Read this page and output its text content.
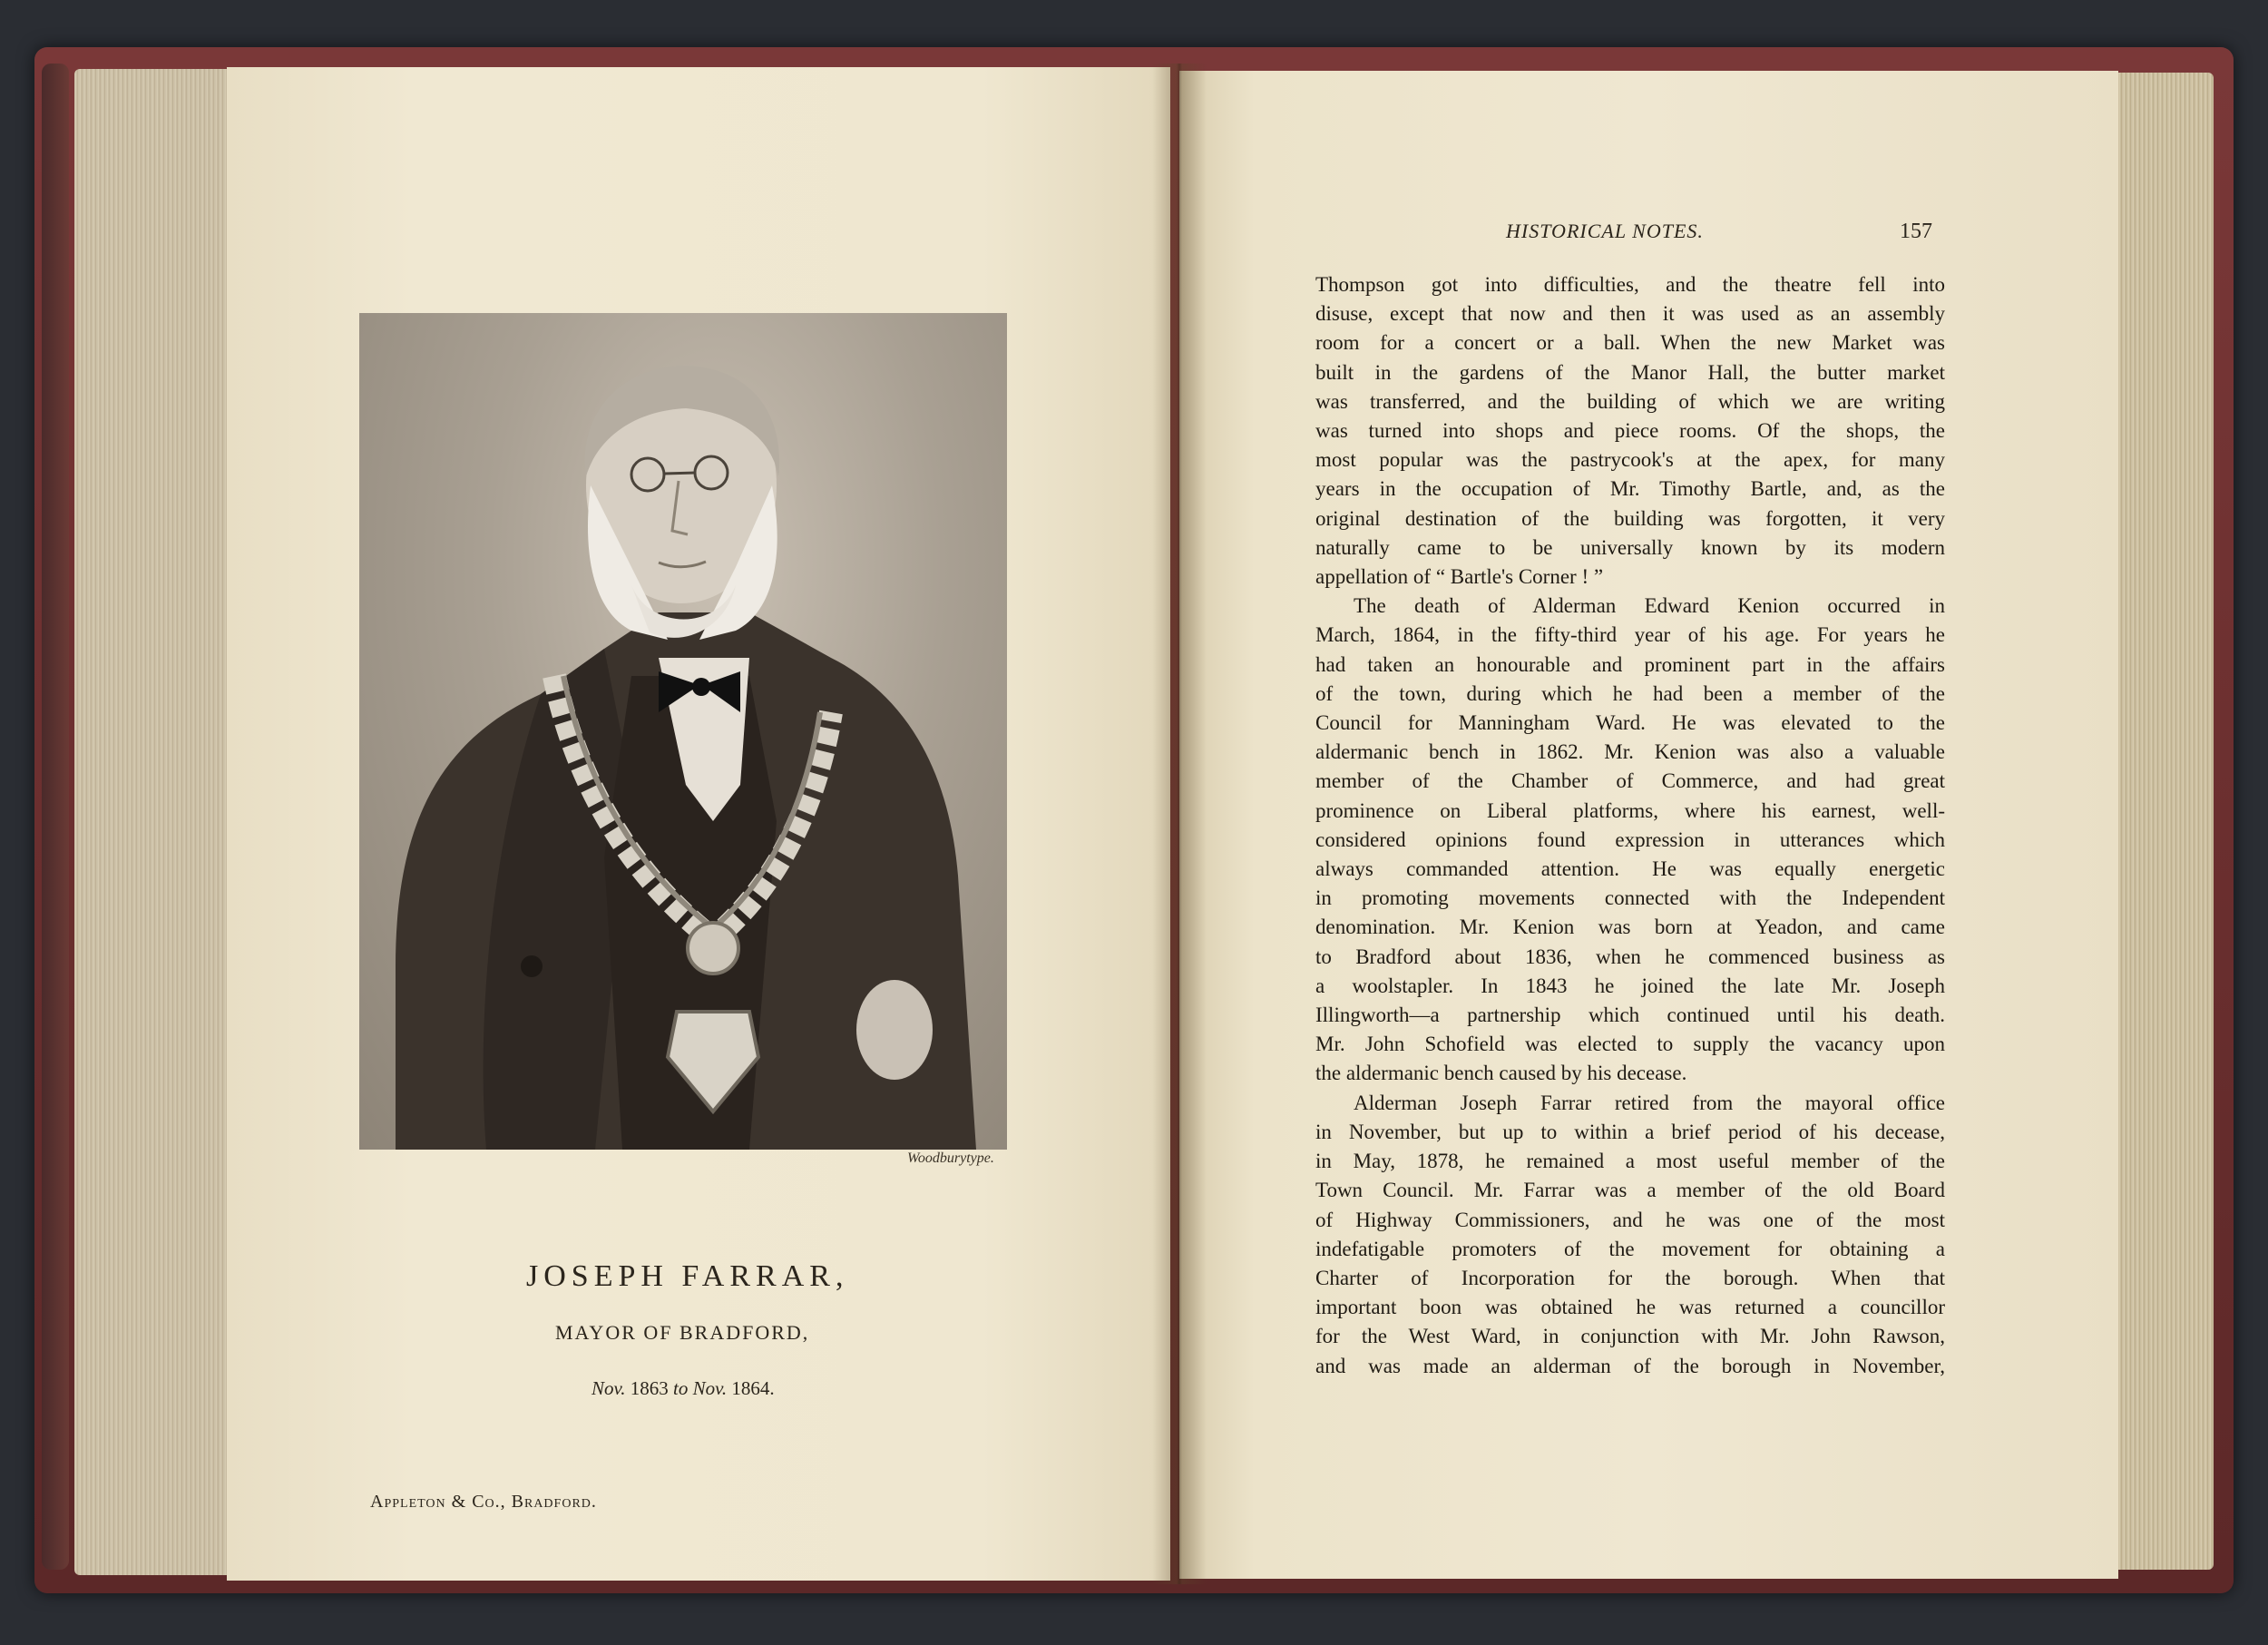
Woodburytype.
JOSEPH FARRAR,
MAYOR OF BRADFORD,
Nov. 1863 to Nov. 1864.
Appleton & Co., Bradford.
HISTORICAL NOTES.	157
Thompson got into difficulties, and the theatre fell into
disuse, except that now and then it was used as an assembly
room for a concert or a ball. When the new Market was
built in the gardens of the Manor Hall, the butter market
was transferred, and the building of which we are writing
was turned into shops and piece rooms. Of the shops, the
most popular was the pastrycook's at the apex, for many
years in the occupation of Mr. Timothy Bartle, and, as the
original destination of the building was forgotten, it very
naturally came to be universally known by its modern
appellation of “ Bartle's Corner ! ”
The death of Alderman Edward Kenion occurred in
March, 1864, in the fifty-third year of his age. For years he
had taken an honourable and prominent part in the affairs
of the town, during which he had been a member of the
Council for Manningham Ward. He was elevated to the
aldermanic bench in 1862. Mr. Kenion was also a valuable
member of the Chamber of Commerce, and had great
prominence on Liberal platforms, where his earnest, well-
considered opinions found expression in utterances which
always commanded attention. He was equally energetic
in promoting movements connected with the Independent
denomination. Mr. Kenion was born at Yeadon, and came
to Bradford about 1836, when he commenced business as
a woolstapler. In 1843 he joined the late Mr. Joseph
Illingworth—a partnership which continued until his death.
Mr. John Schofield was elected to supply the vacancy upon
the aldermanic bench caused by his decease.
Alderman Joseph Farrar retired from the mayoral office
in November, but up to within a brief period of his decease,
in May, 1878, he remained a most useful member of the
Town Council. Mr. Farrar was a member of the old Board
of Highway Commissioners, and he was one of the most
indefatigable promoters of the movement for obtaining a
Charter of Incorporation for the borough. When that
important boon was obtained he was returned a councillor
for the West Ward, in conjunction with Mr. John Rawson,
and was made an alderman of the borough in November,
